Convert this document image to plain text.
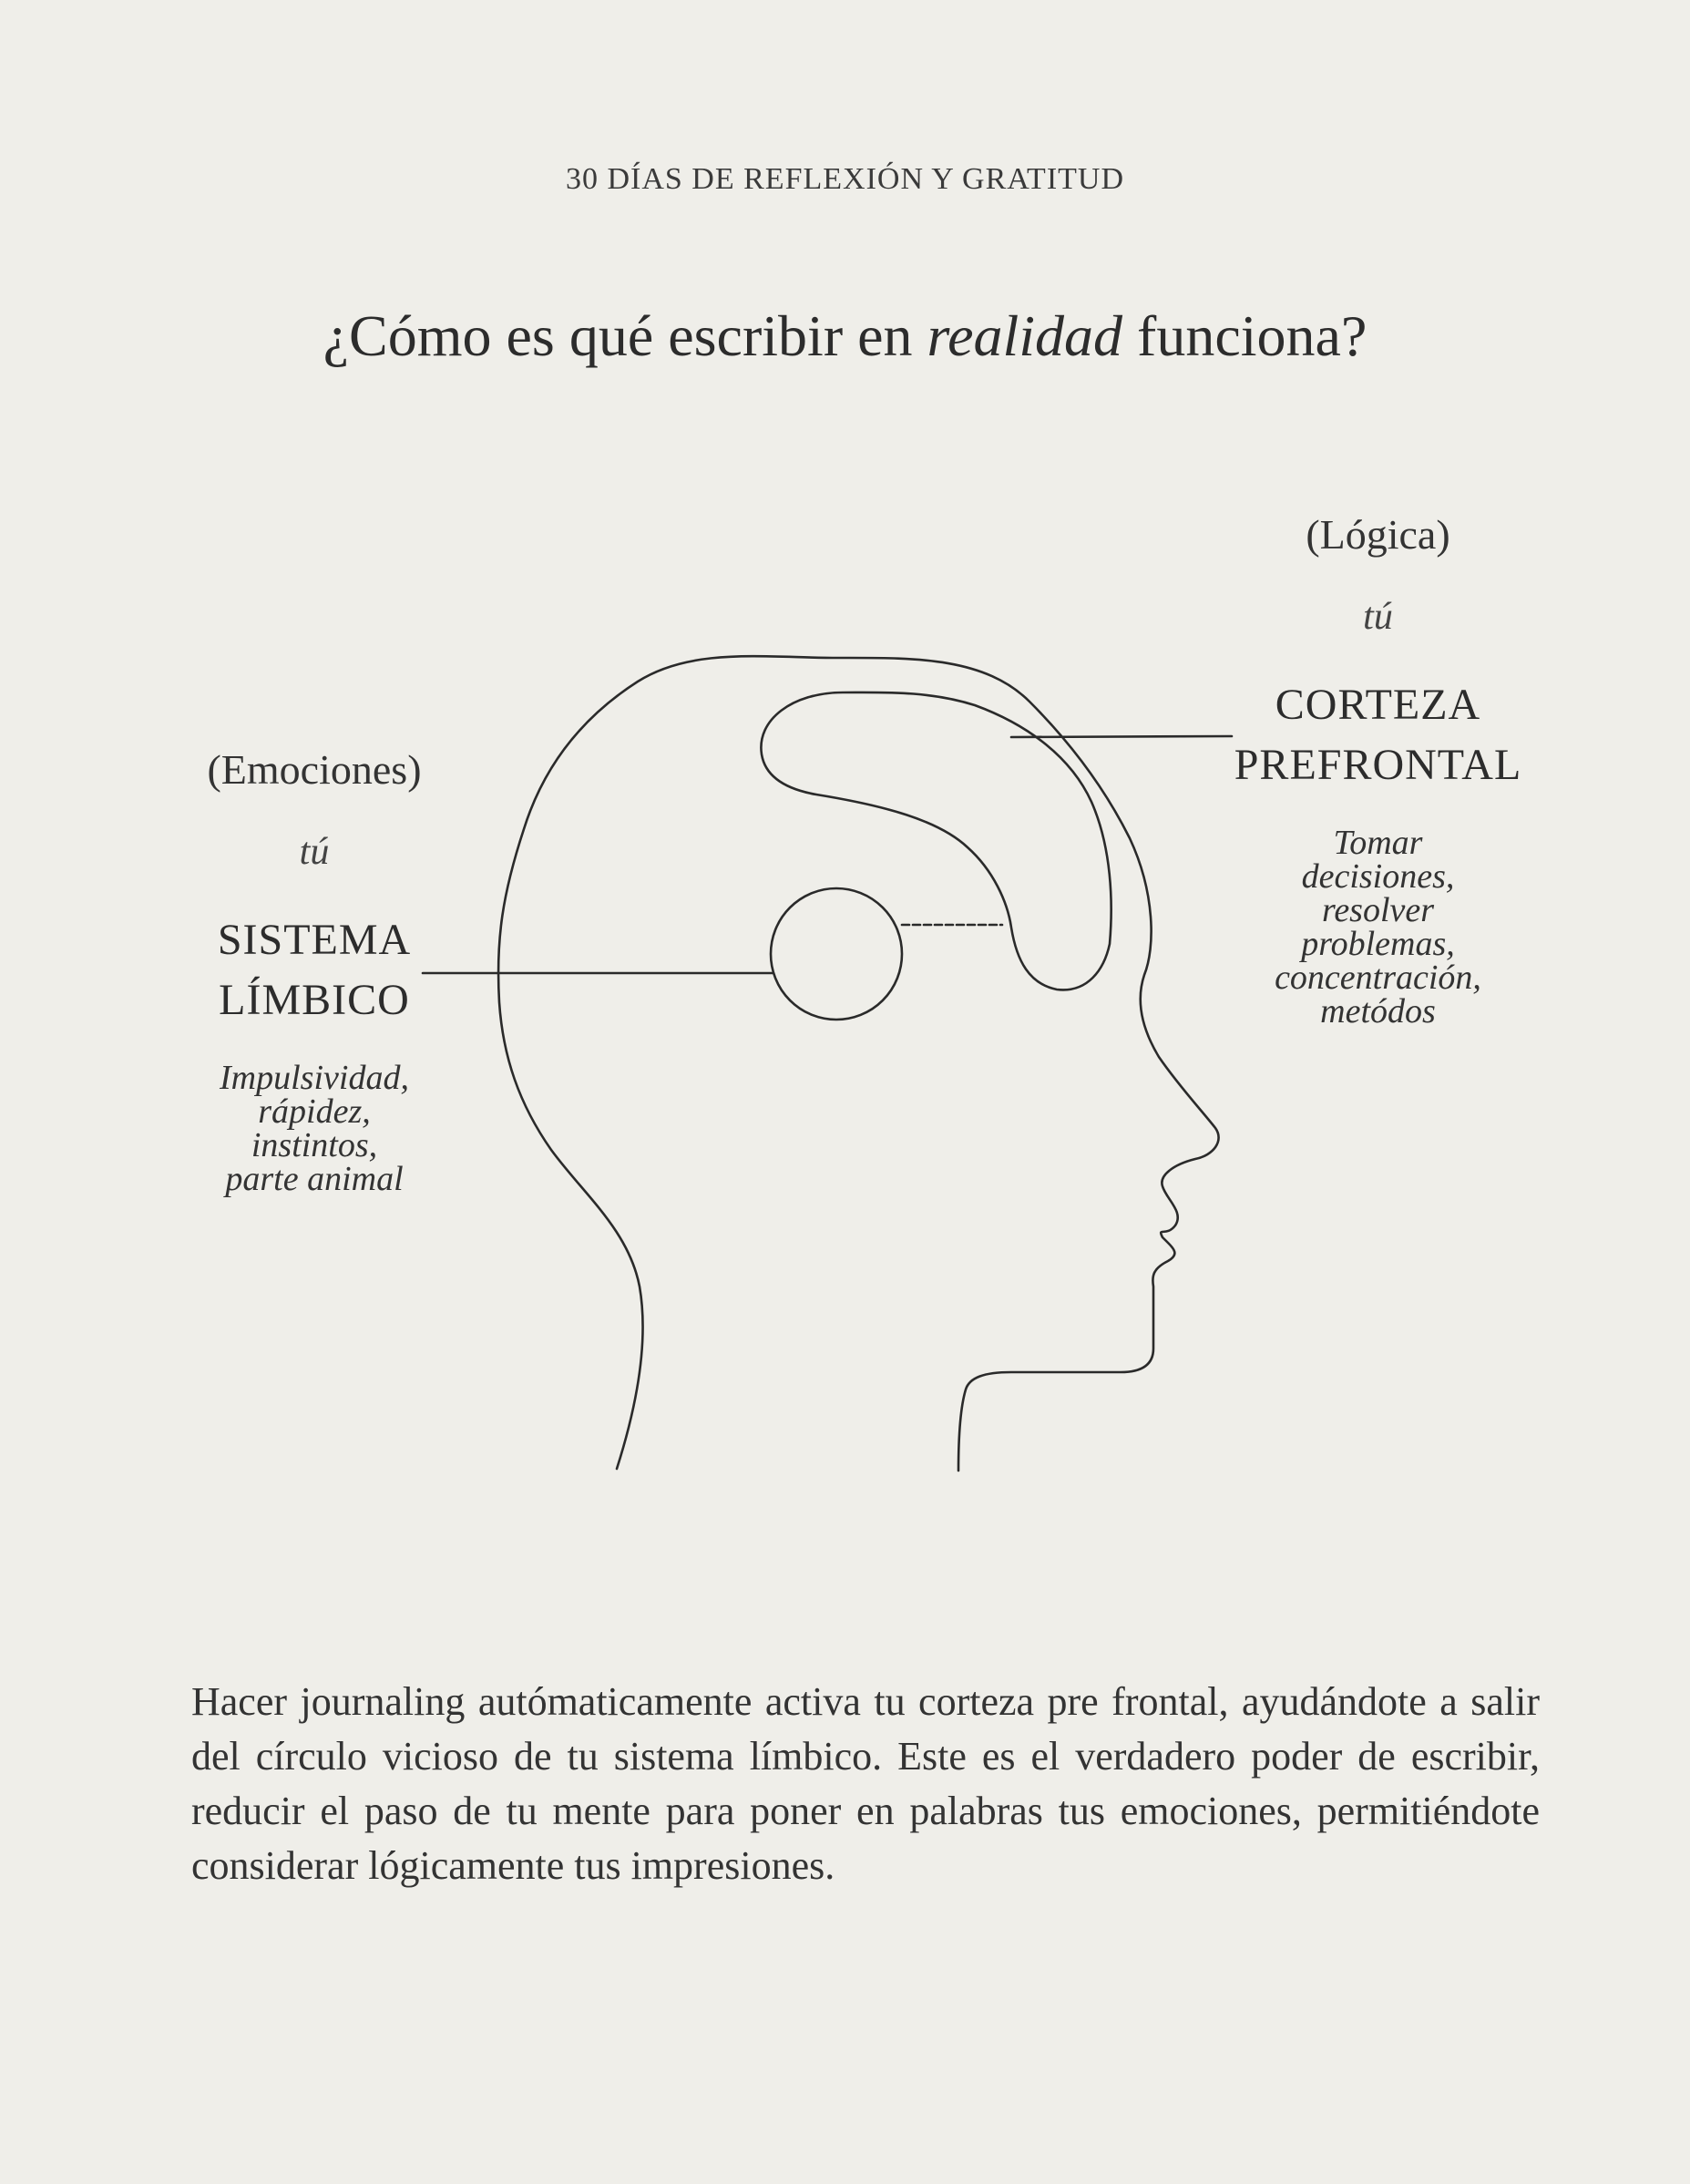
30 DÍAS DE REFLEXIÓN Y GRATITUD
¿Cómo es qué escribir en realidad funciona?
(Emociones)
tú
SISTEMA
LÍMBICO
Impulsividad,
rápidez,
instintos,
parte animal
(Lógica)
tú
CORTEZA
PREFRONTAL
Tomar
decisiones,
resolver
problemas,
concentración,
metódos
Hacer journaling autómaticamente activa tu corteza pre frontal, ayudándote a salir del círculo vicioso de tu sistema límbico. Este es el verdadero poder de escribir, reducir el paso de tu mente para poner en palabras tus emociones, permitiéndote considerar lógicamente tus impresiones.
